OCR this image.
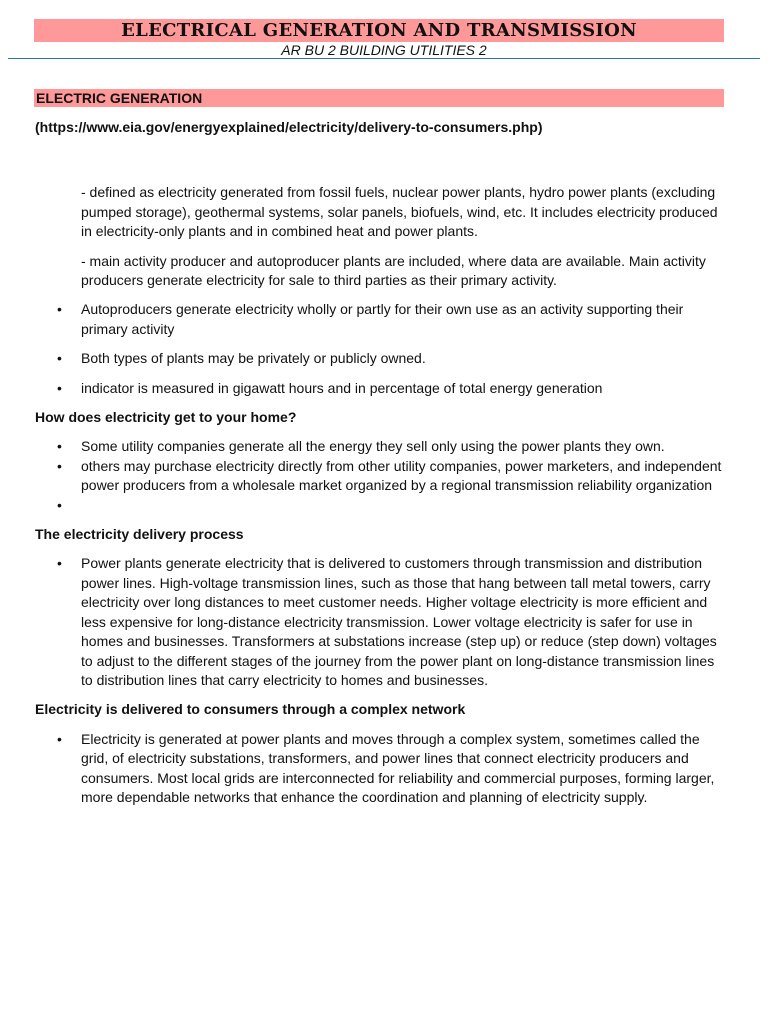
ELECTRICAL GENERATION AND TRANSMISSION
AR BU 2 BUILDING UTILITIES 2
ELECTRIC GENERATION

(https://www.eia.gov/energyexplained/electricity/delivery-to-consumers.php)

- defined as electricity generated from fossil fuels, nuclear power plants, hydro power plants (excluding pumped storage), geothermal systems, solar panels, biofuels, wind, etc. It includes electricity produced in electricity-only plants and in combined heat and power plants.

- main activity producer and autoproducer plants are included, where data are available. Main activity producers generate electricity for sale to third parties as their primary activity.

• Autoproducers generate electricity wholly or partly for their own use as an activity supporting their primary activity
• Both types of plants may be privately or publicly owned.
• indicator is measured in gigawatt hours and in percentage of total energy generation

How does electricity get to your home?

• Some utility companies generate all the energy they sell only using the power plants they own.
• others may purchase electricity directly from other utility companies, power marketers, and independent power producers from a wholesale market organized by a regional transmission reliability organization
•

The electricity delivery process

• Power plants generate electricity that is delivered to customers through transmission and distribution power lines. High-voltage transmission lines, such as those that hang between tall metal towers, carry electricity over long distances to meet customer needs. Higher voltage electricity is more efficient and less expensive for long-distance electricity transmission. Lower voltage electricity is safer for use in homes and businesses. Transformers at substations increase (step up) or reduce (step down) voltages to adjust to the different stages of the journey from the power plant on long-distance transmission lines to distribution lines that carry electricity to homes and businesses.

Electricity is delivered to consumers through a complex network

• Electricity is generated at power plants and moves through a complex system, sometimes called the grid, of electricity substations, transformers, and power lines that connect electricity producers and consumers. Most local grids are interconnected for reliability and commercial purposes, forming larger, more dependable networks that enhance the coordination and planning of electricity supply.
